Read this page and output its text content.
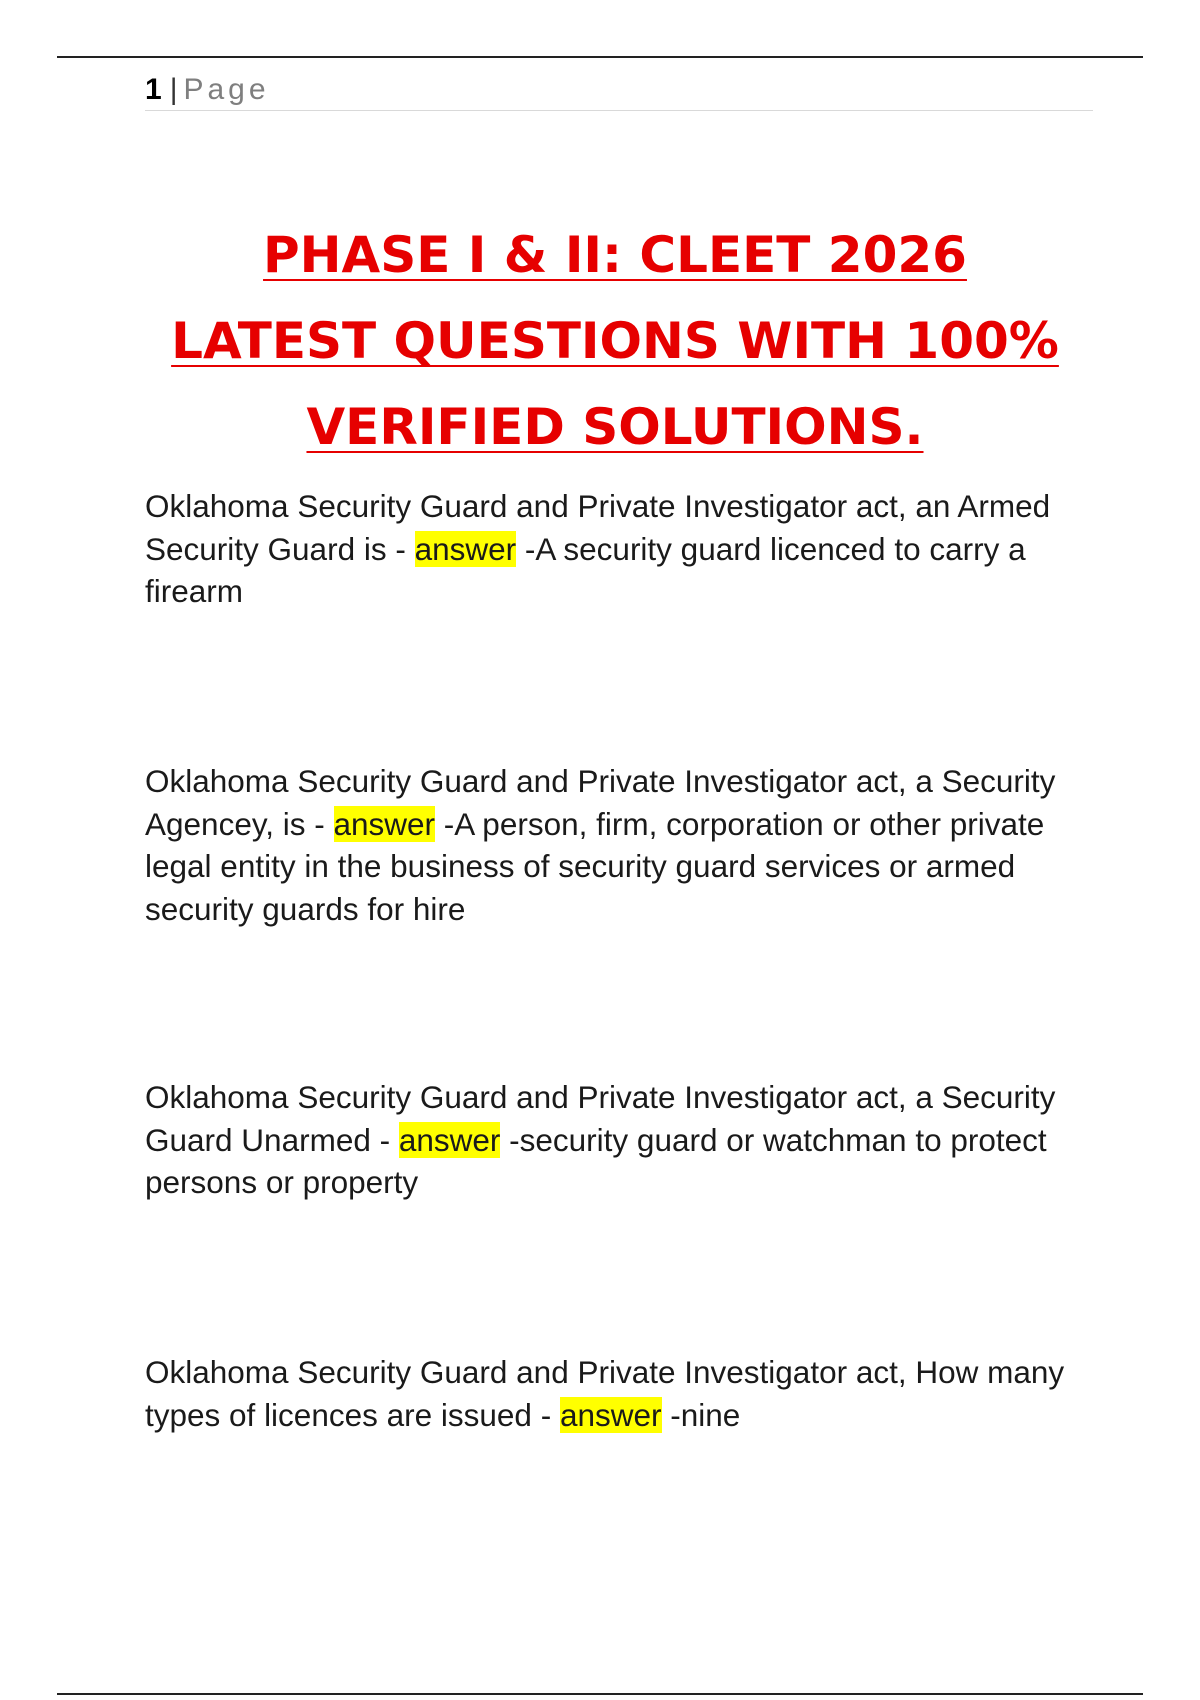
1 | Page
PHASE I & II: CLEET 2026
LATEST QUESTIONS WITH 100%
VERIFIED SOLUTIONS.

Oklahoma Security Guard and Private Investigator act, an Armed Security Guard is - answer -A security guard licenced to carry a firearm

Oklahoma Security Guard and Private Investigator act, a Security Agencey, is - answer -A person, firm, corporation or other private legal entity in the business of security guard services or armed security guards for hire

Oklahoma Security Guard and Private Investigator act, a Security Guard Unarmed - answer -security guard or watchman to protect persons or property

Oklahoma Security Guard and Private Investigator act, How many types of licences are issued - answer -nine
